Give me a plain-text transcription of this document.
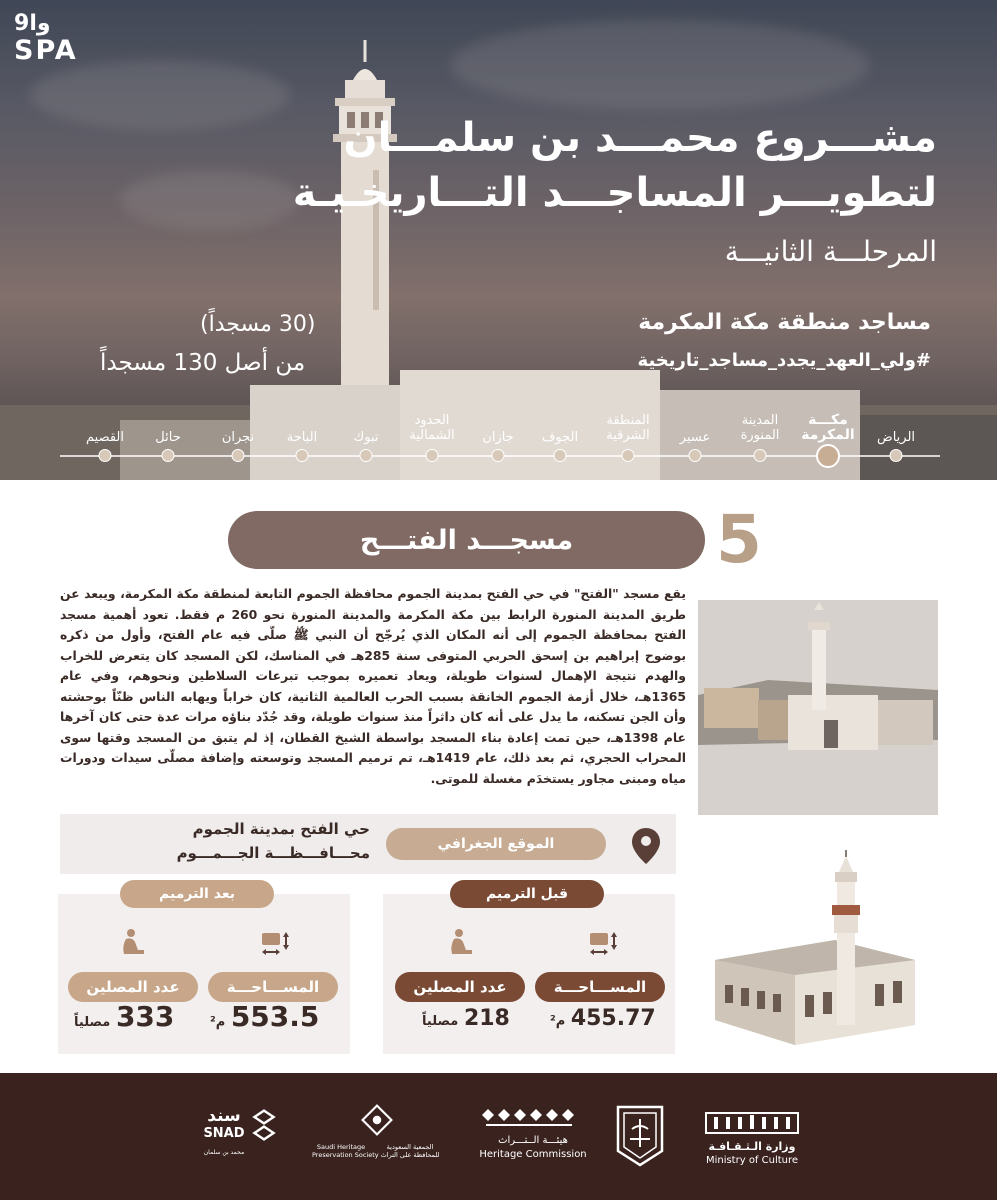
وا9
SPA
مشـــروع محمـــد بن سلمـــان
لتطويـــر المساجـــد التـــاريخـيـة
المرحلـــة الثانيـــة
مساجد منطقة مكة المكرمة
#ولي_العهد_يجدد_مساجد_تاريخية
(30 مسجداً)
من أصل 130 مسجداً
الرياض
مكـــة
المكرمة
المدينة
المنورة
عسير
المنطقة
الشرقية
الجوف
جازان
الحدود
الشمالية
تبوك
الباحة
نجران
حائل
القصيم
مسجـــد الفتـــح 5
يقع مسجد "الفتح" في حي الفتح بمدينة الجموم محافظة الجموم التابعة لمنطقة مكة المكرمة، ويبعد عن طريق المدينة المنورة الرابط بين مكة المكرمة والمدينة المنورة نحو 260 م فقط. تعود أهمية مسجد الفتح بمحافظة الجموم إلى أنه المكان الذي يُرجّح أن النبي ﷺ صلّى فيه عام الفتح، وأول من ذكره بوضوح إبراهيم بن إسحق الحربي المتوفى سنة 285هـ في المناسك، لكن المسجد كان يتعرض للخراب والهدم نتيجة الإهمال لسنوات طويلة، ويعاد تعميره بموجب تبرعات السلاطين ونحوهم، وفي عام 1365هـ، خلال أزمة الجموم الخانقة بسبب الحرب العالمية الثانية، كان خراباً ويهابه الناس ظنّاً بوحشته وأن الجن تسكنه، ما يدل على أنه كان داثراً منذ سنوات طويلة، وقد جُدّد بناؤه مرات عدة حتى كان آخرها عام 1398هـ، حين تمت إعادة بناء المسجد بواسطة الشيخ القطان، إذ لم يتبق من المسجد وقتها سوى المحراب الحجري، ثم بعد ذلك، عام 1419هـ، تم ترميم المسجد وتوسعته وإضافة مصلّى سيدات ودورات مياه ومبنى مجاور يستخدَم مغسلة للموتى.
الموقع الجغرافي
حي الفتح بمدينة الجموم
محـــافـــظـــة الجـــمـــوم
قبل الترميم
المســـاحـــة
عدد المصلين
455.77 م²
218 مصلياً
بعد الترميم
المســـاحـــة
عدد المصلين
553.5 م²
333 مصلياً
سند
SNAD
محمد بن سلمان
Saudi Heritage
Preservation Society
الجمعية السعودية للمحافظة على التراث
هيئـــة الــتـــراث
Heritage Commission
وزارة الـثـقـافـة
Ministry of Culture
